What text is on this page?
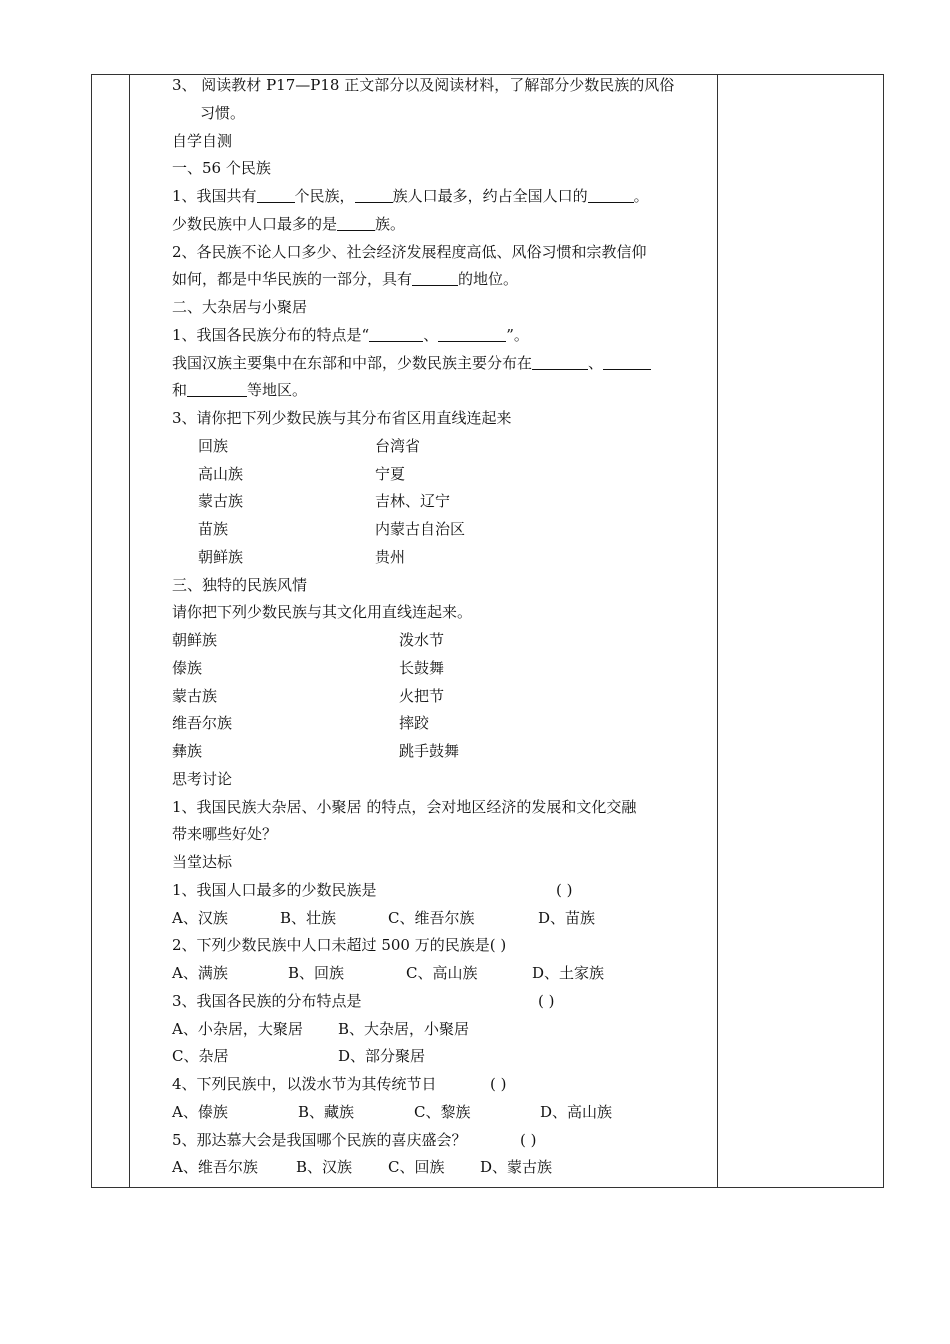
3、 阅读教材 P17—P18 正文部分以及阅读材料，了解部分少数民族的风俗
习惯。
自学自测
一、56 个民族
1、我国共有	个民族，	族人口最多，约占全国人口的	。
少数民族中人口最多的是	族。
2、各民族不论人口多少、社会经济发展程度高低、风俗习惯和宗教信仰
如何，都是中华民族的一部分，具有	的地位。
二、大杂居与小聚居
1、我国各民族分布的特点是“	、	”。
我国汉族主要集中在东部和中部，少数民族主要分布在	、
和	等地区。
3、请你把下列少数民族与其分布省区用直线连起来
回族	台湾省
高山族	宁夏
蒙古族	吉林、辽宁
苗族	内蒙古自治区
朝鲜族	贵州
三、独特的民族风情
请你把下列少数民族与其文化用直线连起来。
朝鲜族	泼水节
傣族	长鼓舞
蒙古族	火把节
维吾尔族	摔跤
彝族	跳手鼓舞
思考讨论
1、我国民族大杂居、小聚居 的特点，会对地区经济的发展和文化交融
带来哪些好处？
当堂达标
1、我国人口最多的少数民族是	( )
A、汉族	B、壮族	C、维吾尔族	D、苗族
2、下列少数民族中人口未超过 500 万的民族是( )
A、满族	B、回族	C、高山族	D、土家族
3、我国各民族的分布特点是	( )
A、小杂居，大聚居 B、大杂居，小聚居
C、杂居	D、部分聚居
4、下列民族中，以泼水节为其传统节日	( )
A、傣族	B、藏族	C、黎族	D、高山族
5、那达慕大会是我国哪个民族的喜庆盛会？	( )
A、维吾尔族	B、汉族 C、回族 D、蒙古族
